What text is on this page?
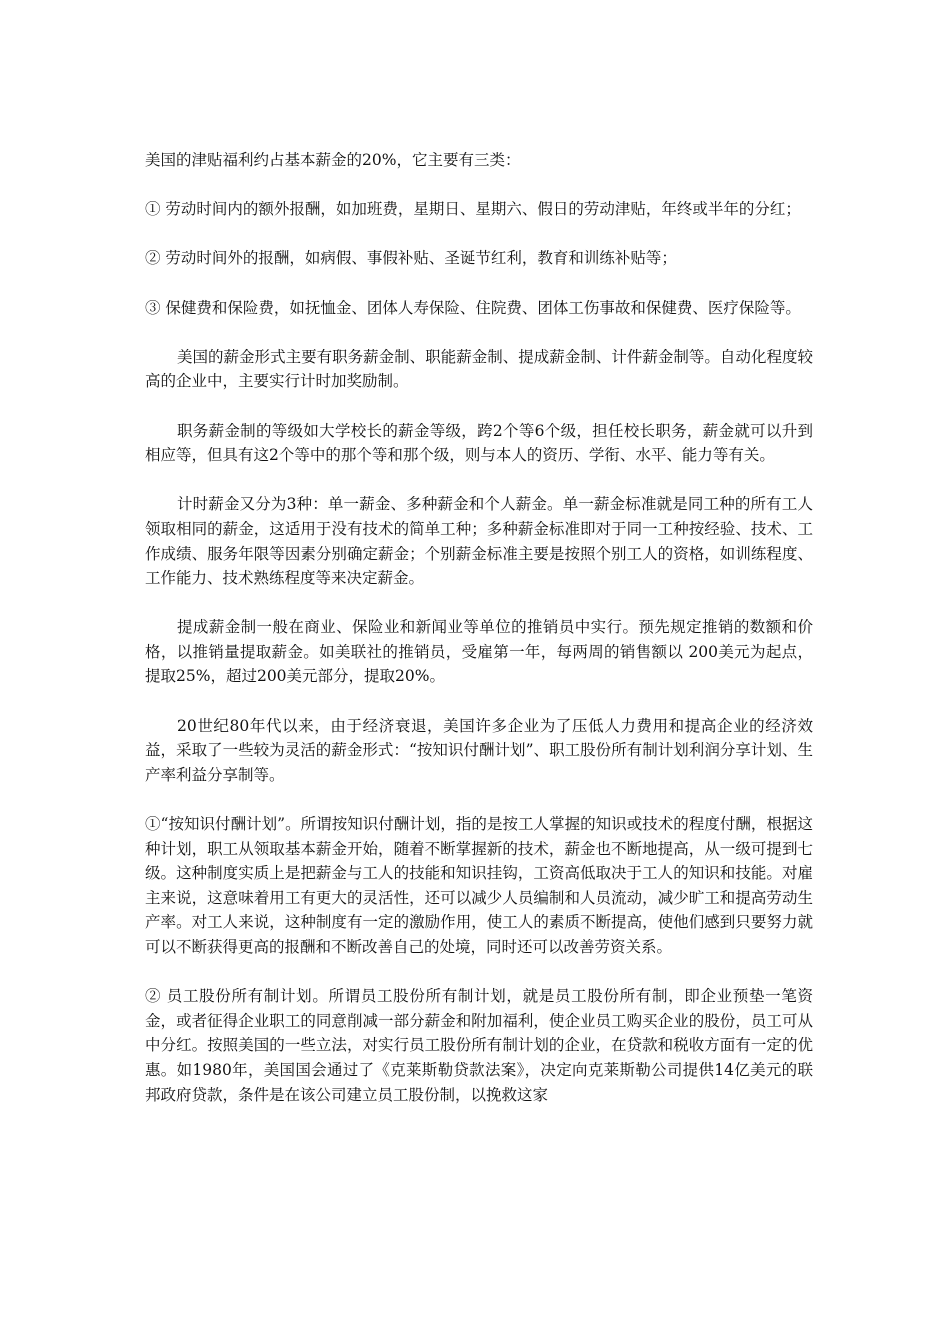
美国的津贴福利约占基本薪金的20%，它主要有三类：

① 劳动时间内的额外报酬，如加班费，星期日、星期六、假日的劳动津贴，年终或半年的分红；

② 劳动时间外的报酬，如病假、事假补贴、圣诞节红利，教育和训练补贴等；

③ 保健费和保险费，如抚恤金、团体人寿保险、住院费、团体工伤事故和保健费、医疗保险等。

美国的薪金形式主要有职务薪金制、职能薪金制、提成薪金制、计件薪金制等。自动化程度较高的企业中，主要实行计时加奖励制。

职务薪金制的等级如大学校长的薪金等级，跨2个等6个级，担任校长职务，薪金就可以升到相应等，但具有这2个等中的那个等和那个级，则与本人的资历、学衔、水平、能力等有关。

计时薪金又分为3种：单一薪金、多种薪金和个人薪金。单一薪金标准就是同工种的所有工人领取相同的薪金，这适用于没有技术的简单工种；多种薪金标准即对于同一工种按经验、技术、工作成绩、服务年限等因素分别确定薪金；个别薪金标准主要是按照个别工人的资格，如训练程度、工作能力、技术熟练程度等来决定薪金。

提成薪金制一般在商业、保险业和新闻业等单位的推销员中实行。预先规定推销的数额和价格，以推销量提取薪金。如美联社的推销员，受雇第一年，每两周的销售额以 200美元为起点，提取25%，超过200美元部分，提取20%。

20世纪80年代以来，由于经济衰退，美国许多企业为了压低人力费用和提高企业的经济效益，采取了一些较为灵活的薪金形式：“按知识付酬计划”、职工股份所有制计划利润分享计划、生产率利益分享制等。

①“按知识付酬计划”。所谓按知识付酬计划，指的是按工人掌握的知识或技术的程度付酬，根据这种计划，职工从领取基本薪金开始，随着不断掌握新的技术，薪金也不断地提高，从一级可提到七级。这种制度实质上是把薪金与工人的技能和知识挂钩，工资高低取决于工人的知识和技能。对雇主来说，这意味着用工有更大的灵活性，还可以减少人员编制和人员流动，减少旷工和提高劳动生产率。对工人来说，这种制度有一定的激励作用，使工人的素质不断提高，使他们感到只要努力就可以不断获得更高的报酬和不断改善自己的处境，同时还可以改善劳资关系。

② 员工股份所有制计划。所谓员工股份所有制计划，就是员工股份所有制，即企业预垫一笔资金，或者征得企业职工的同意削减一部分薪金和附加福利，使企业员工购买企业的股份，员工可从中分红。按照美国的一些立法，对实行员工股份所有制计划的企业，在贷款和税收方面有一定的优惠。如1980年，美国国会通过了《克莱斯勒贷款法案》，决定向克莱斯勒公司提供14亿美元的联邦政府贷款，条件是在该公司建立员工股份制，以挽救这家
